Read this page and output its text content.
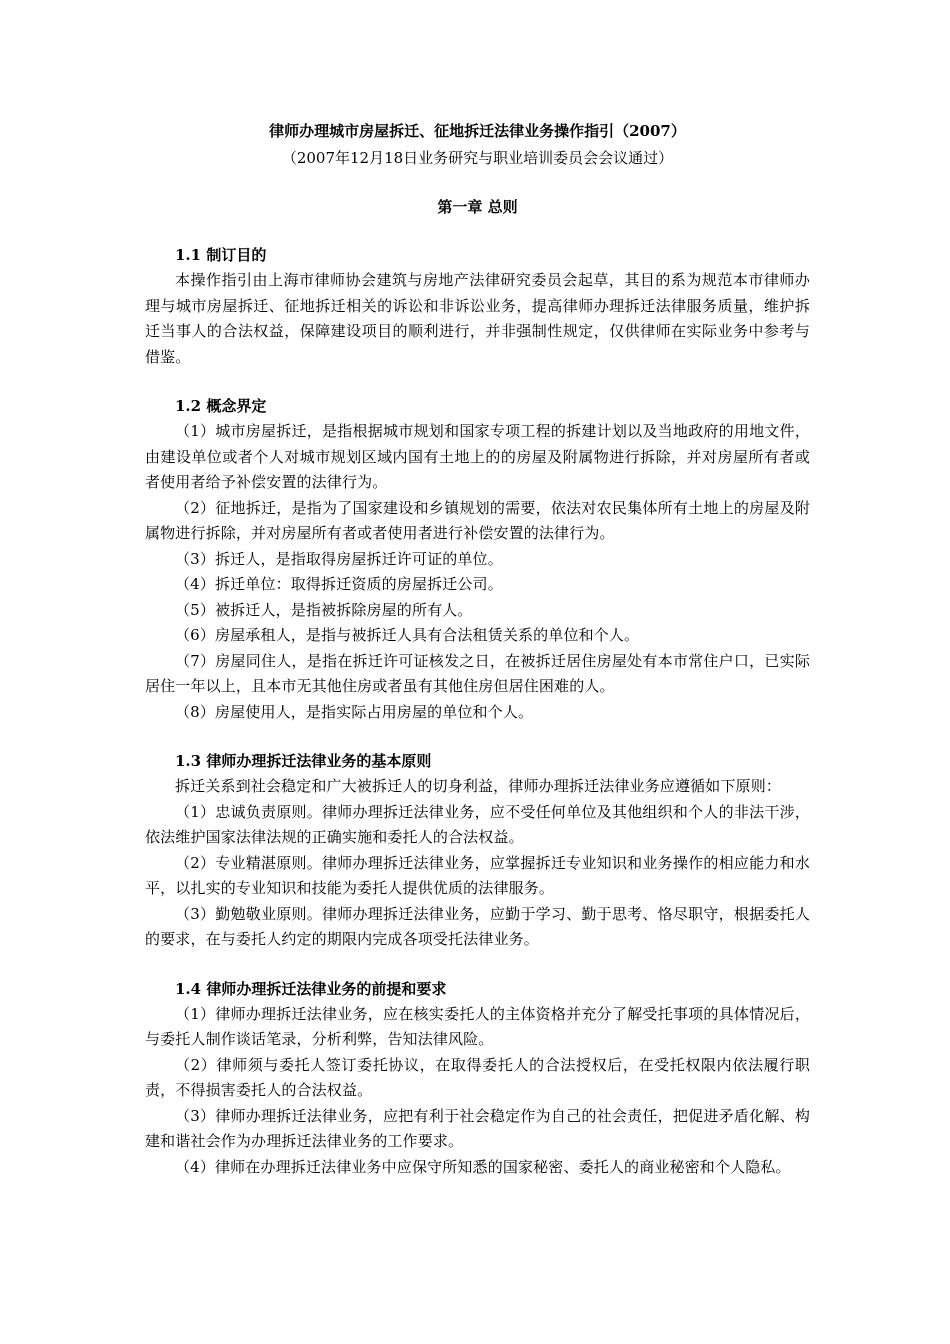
律师办理城市房屋拆迁、征地拆迁法律业务操作指引（2007）

（2007年12月18日业务研究与职业培训委员会会议通过）

第一章 总则

1.1 制订目的

本操作指引由上海市律师协会建筑与房地产法律研究委员会起草，其目的系为规范本市律师办理与城市房屋拆迁、征地拆迁相关的诉讼和非诉讼业务，提高律师办理拆迁法律服务质量，维护拆迁当事人的合法权益，保障建设项目的顺利进行，并非强制性规定，仅供律师在实际业务中参考与借鉴。

1.2 概念界定

（1）城市房屋拆迁，是指根据城市规划和国家专项工程的拆建计划以及当地政府的用地文件，由建设单位或者个人对城市规划区域内国有土地上的的房屋及附属物进行拆除，并对房屋所有者或者使用者给予补偿安置的法律行为。

（2）征地拆迁，是指为了国家建设和乡镇规划的需要，依法对农民集体所有土地上的房屋及附属物进行拆除，并对房屋所有者或者使用者进行补偿安置的法律行为。

（3）拆迁人，是指取得房屋拆迁许可证的单位。

（4）拆迁单位：取得拆迁资质的房屋拆迁公司。

（5）被拆迁人，是指被拆除房屋的所有人。

（6）房屋承租人，是指与被拆迁人具有合法租赁关系的单位和个人。

（7）房屋同住人，是指在拆迁许可证核发之日，在被拆迁居住房屋处有本市常住户口，已实际居住一年以上，且本市无其他住房或者虽有其他住房但居住困难的人。

（8）房屋使用人，是指实际占用房屋的单位和个人。

1.3 律师办理拆迁法律业务的基本原则

拆迁关系到社会稳定和广大被拆迁人的切身利益，律师办理拆迁法律业务应遵循如下原则：

（1）忠诚负责原则。律师办理拆迁法律业务，应不受任何单位及其他组织和个人的非法干涉，依法维护国家法律法规的正确实施和委托人的合法权益。

（2）专业精湛原则。律师办理拆迁法律业务，应掌握拆迁专业知识和业务操作的相应能力和水平，以扎实的专业知识和技能为委托人提供优质的法律服务。

（3）勤勉敬业原则。律师办理拆迁法律业务，应勤于学习、勤于思考、恪尽职守，根据委托人的要求，在与委托人约定的期限内完成各项受托法律业务。

1.4 律师办理拆迁法律业务的前提和要求

（1）律师办理拆迁法律业务，应在核实委托人的主体资格并充分了解受托事项的具体情况后，与委托人制作谈话笔录，分析利弊，告知法律风险。

（2）律师须与委托人签订委托协议，在取得委托人的合法授权后，在受托权限内依法履行职责，不得损害委托人的合法权益。

（3）律师办理拆迁法律业务，应把有利于社会稳定作为自己的社会责任，把促进矛盾化解、构建和谐社会作为办理拆迁法律业务的工作要求。

（4）律师在办理拆迁法律业务中应保守所知悉的国家秘密、委托人的商业秘密和个人隐私。
